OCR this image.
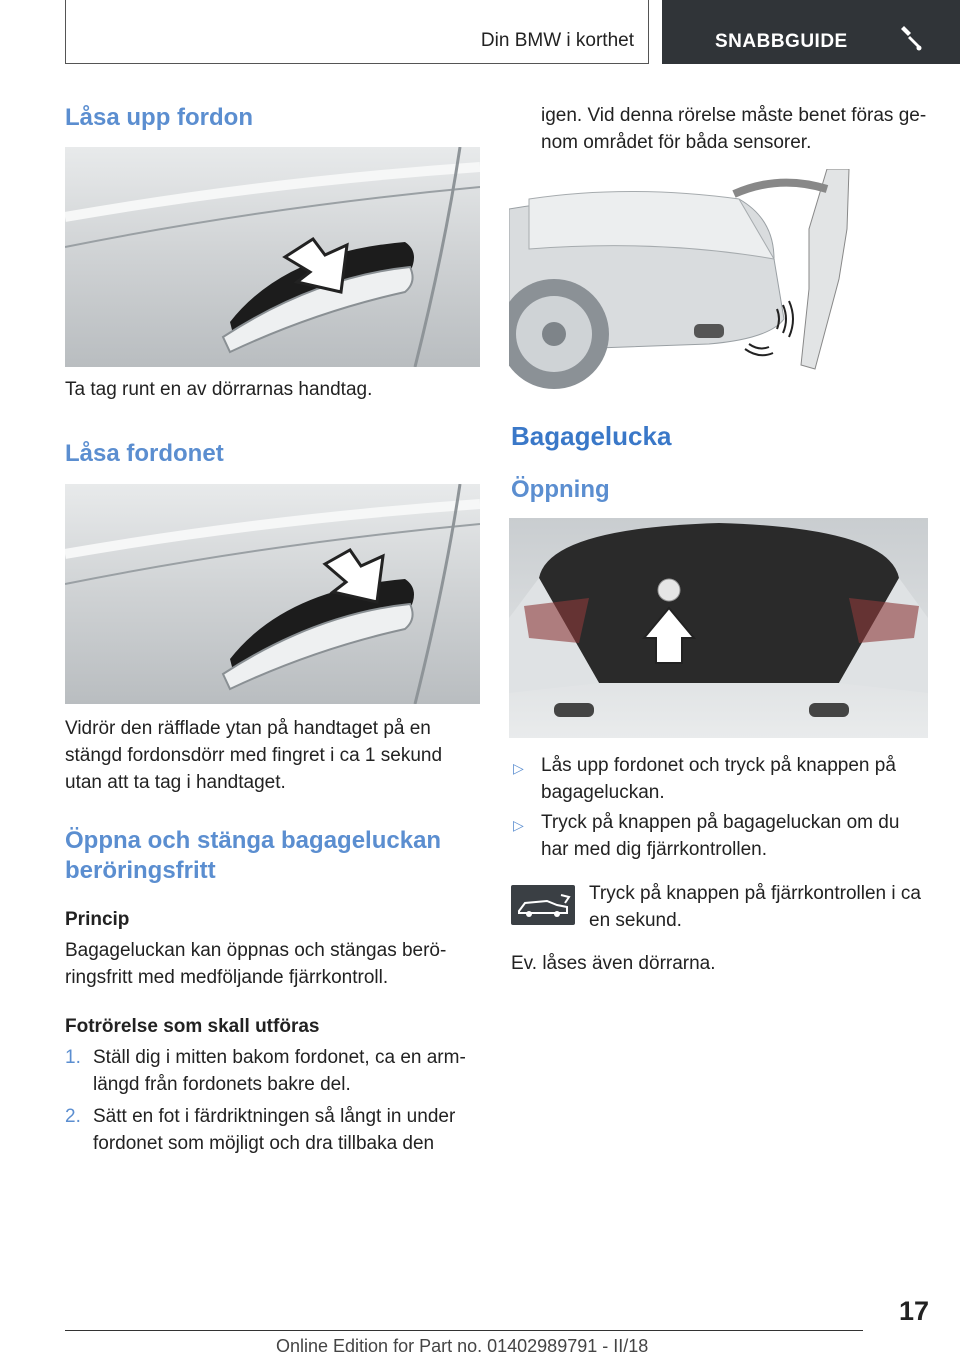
Din BMW i korthet	SNABBGUIDE
Låsa upp fordon

Ta tag runt en av dörrarnas handtag.

Låsa fordonet

Vidrör den räfflade ytan på handtaget på en
stängd fordonsdörr med fingret i ca 1 sekund
utan att ta tag i handtaget.

Öppna och stänga bagageluckan
beröringsfritt
Princip

Bagageluckan kan öppnas och stängas berö-
ringsfritt med medföljande fjärrkontroll.

Fotrörelse som skall utföras
1. Ställ dig i mitten bakom fordonet, ca en arm-
längd från fordonets bakre del.

2. Sätt en fot i färdriktningen så långt in under
fordonet som möjligt och dra tillbaka den

igen. Vid denna rörelse måste benet föras ge-
nom området för båda sensorer.

Bagagelucka
Öppning
▷ Lås upp fordonet och tryck på knappen på
bagageluckan.

▷ Tryck på knappen på bagageluckan om du
har med dig fjärrkontrollen.

Tryck på knappen på fjärrkontrollen i ca
en sekund.

Ev. låses även dörrarna.

17
Online Edition for Part no. 01402989791 - II/18
